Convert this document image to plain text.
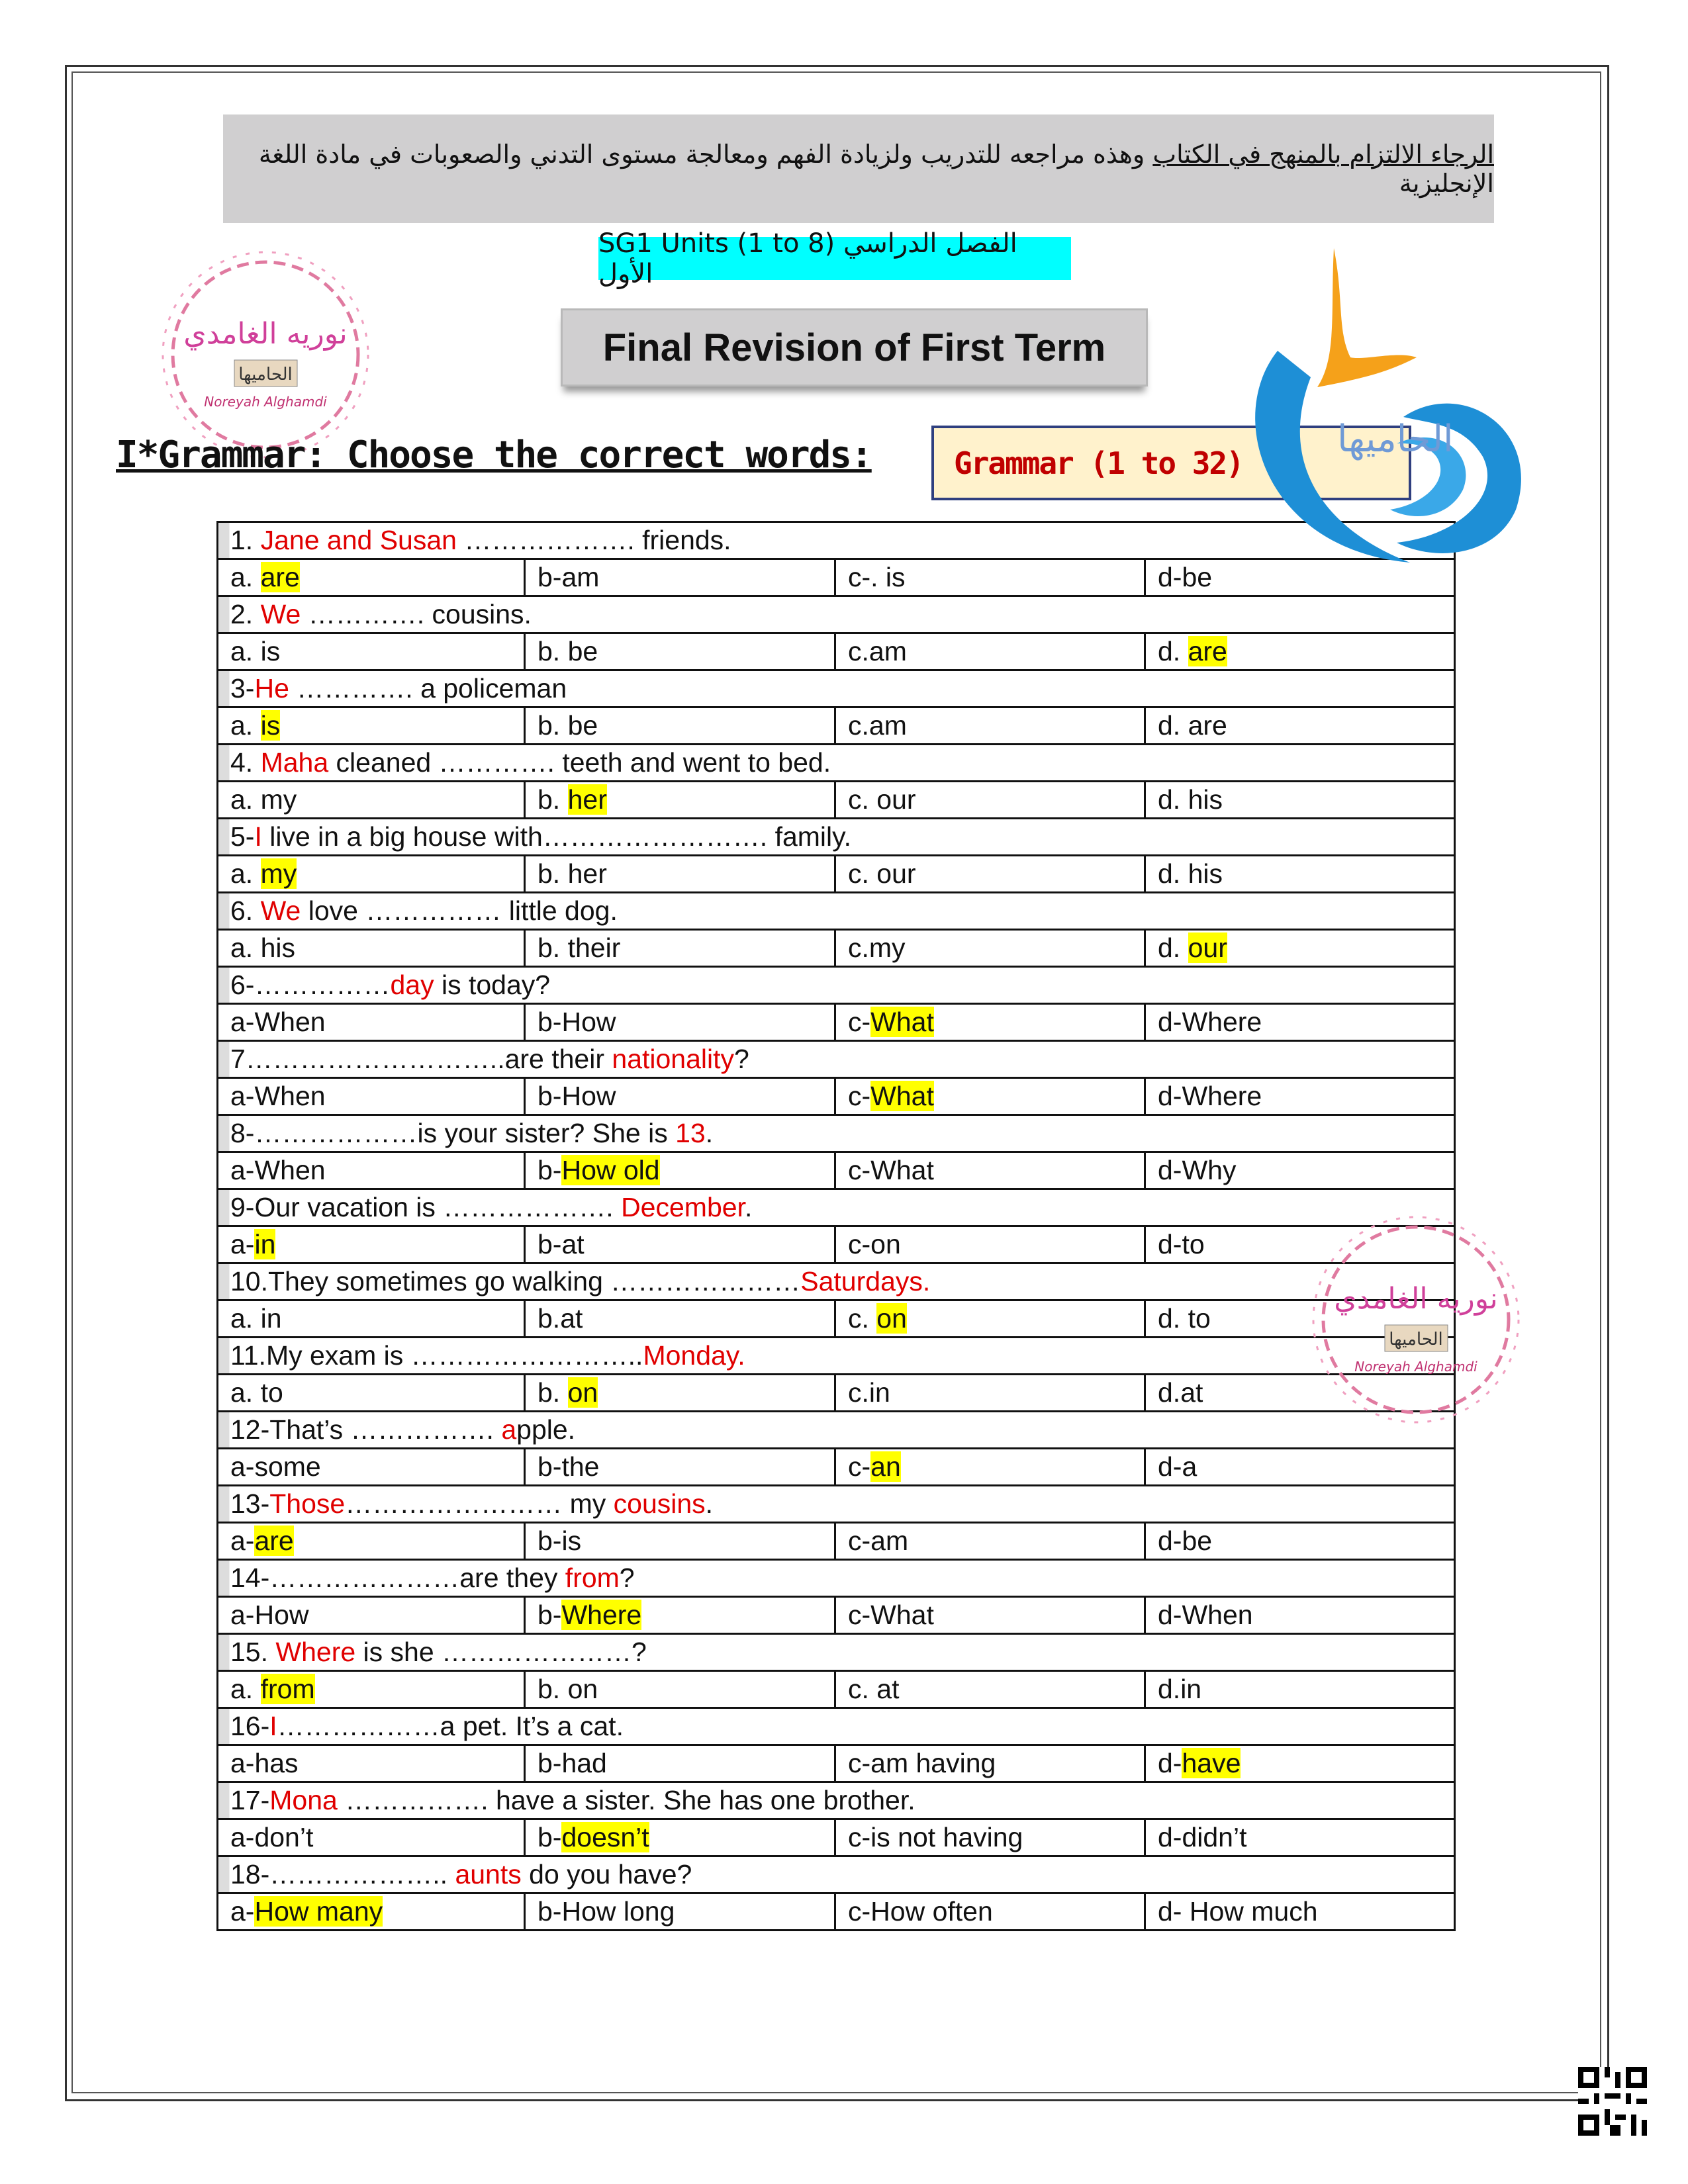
الرجاء الالتزام بالمنهج في الكتاب وهذه مراجعه للتدريب ولزيادة الفهم ومعالجة مستوى التدني والصعوبات في مادة اللغة الإنجليزية
SG1 Units (1 to 8) الفصل الدراسي الأول
Final Revision of First Term
نوريه الغامدي
الحاميها
Noreyah Alghamdi
I*Grammar: Choose the correct words:	Grammar (1 to 32)
الحاميها
1. Jane and Susan ………………. friends.			
a. are	b-am	c-. is	d-be
2. We …………. cousins.			
a. is	b. be	c.am	d. are
3-He …………. a policeman			
a. is	b. be	c.am	d. are
4. Maha cleaned …………. teeth and went to bed.			
a. my	b. her	c. our	d. his
5-I live in a big house with……………………. family.			
a. my	b. her	c. our	d. his
6. We love …………… little dog.			
a. his	b. their	c.my	d. our
6-……………day is today?			
a-When	b-How	c-What	d-Where
7………………………..are their nationality?			
a-When	b-How	c-What	d-Where
8-………………is your sister? She is 13.			
a-When	b-How old	c-What	d-Why
9-Our vacation is ………………. December.			
a-in	b-at	c-on	d-to
10.They sometimes go walking …………………Saturdays.			
a. in	b.at	c. on	d. to
11.My exam is ……………………..Monday.			
a. to	b. on	c.in	d.at
12-That’s ……………. apple.			
a-some	b-the	c-an	d-a
13-Those…………………… my cousins.			
a-are	b-is	c-am	d-be
14-…………………are they from?			
a-How	b-Where	c-What	d-When
15. Where is she …………………?			
a. from	b. on	c. at	d.in
16-I………………a pet. It’s a cat.			
a-has	b-had	c-am having	d-have
17-Mona ……………. have a sister. She has one brother.			
a-don’t	b-doesn’t	c-is not having	d-didn’t
18-……………….. aunts do you have?			
a-How many	b-How long	c-How often	d- How much
نوريه الغامدي
الحاميها
Noreyah Alghamdi
